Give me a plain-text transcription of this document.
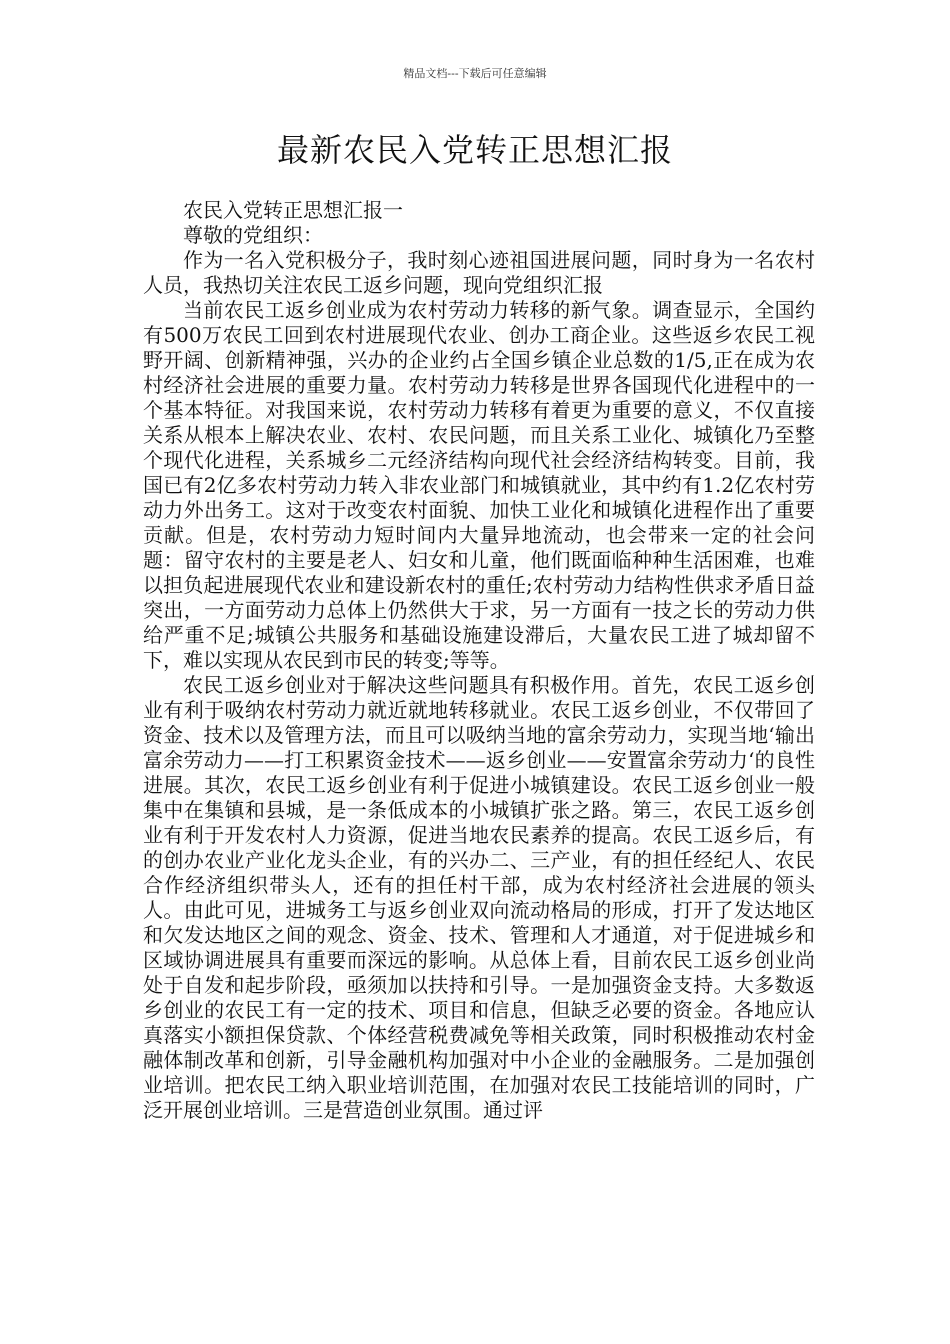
精品文档---下载后可任意编辑
最新农民入党转正思想汇报

农民入党转正思想汇报一

尊敬的党组织：

作为一名入党积极分子，我时刻心迹祖国进展问题，同时身为一名农村人员，我热切关注农民工返乡问题，现向党组织汇报

当前农民工返乡创业成为农村劳动力转移的新气象。调查显示，全国约有500万农民工回到农村进展现代农业、创办工商企业。这些返乡农民工视野开阔、创新精神强，兴办的企业约占全国乡镇企业总数的1/5,正在成为农村经济社会进展的重要力量。农村劳动力转移是世界各国现代化进程中的一个基本特征。对我国来说，农村劳动力转移有着更为重要的意义，不仅直接关系从根本上解决农业、农村、农民问题，而且关系工业化、城镇化乃至整个现代化进程，关系城乡二元经济结构向现代社会经济结构转变。目前，我国已有2亿多农村劳动力转入非农业部门和城镇就业，其中约有1.2亿农村劳动力外出务工。这对于改变农村面貌、加快工业化和城镇化进程作出了重要贡献。但是，农村劳动力短时间内大量异地流动，也会带来一定的社会问题：留守农村的主要是老人、妇女和儿童，他们既面临种种生活困难，也难以担负起进展现代农业和建设新农村的重任;农村劳动力结构性供求矛盾日益突出，一方面劳动力总体上仍然供大于求，另一方面有一技之长的劳动力供给严重不足;城镇公共服务和基础设施建设滞后，大量农民工进了城却留不下，难以实现从农民到市民的转变;等等。

农民工返乡创业对于解决这些问题具有积极作用。首先，农民工返乡创业有利于吸纳农村劳动力就近就地转移就业。农民工返乡创业，不仅带回了资金、技术以及管理方法，而且可以吸纳当地的富余劳动力，实现当地‘输出富余劳动力——打工积累资金技术——返乡创业——安置富余劳动力‘的良性进展。其次，农民工返乡创业有利于促进小城镇建设。农民工返乡创业一般集中在集镇和县城，是一条低成本的小城镇扩张之路。第三，农民工返乡创业有利于开发农村人力资源，促进当地农民素养的提高。农民工返乡后，有的创办农业产业化龙头企业，有的兴办二、三产业，有的担任经纪人、农民合作经济组织带头人，还有的担任村干部，成为农村经济社会进展的领头人。由此可见，进城务工与返乡创业双向流动格局的形成，打开了发达地区和欠发达地区之间的观念、资金、技术、管理和人才通道，对于促进城乡和区域协调进展具有重要而深远的影响。从总体上看，目前农民工返乡创业尚处于自发和起步阶段，亟须加以扶持和引导。一是加强资金支持。大多数返乡创业的农民工有一定的技术、项目和信息，但缺乏必要的资金。各地应认真落实小额担保贷款、个体经营税费减免等相关政策，同时积极推动农村金融体制改革和创新，引导金融机构加强对中小企业的金融服务。二是加强创业培训。把农民工纳入职业培训范围，在加强对农民工技能培训的同时，广泛开展创业培训。三是营造创业氛围。通过评
